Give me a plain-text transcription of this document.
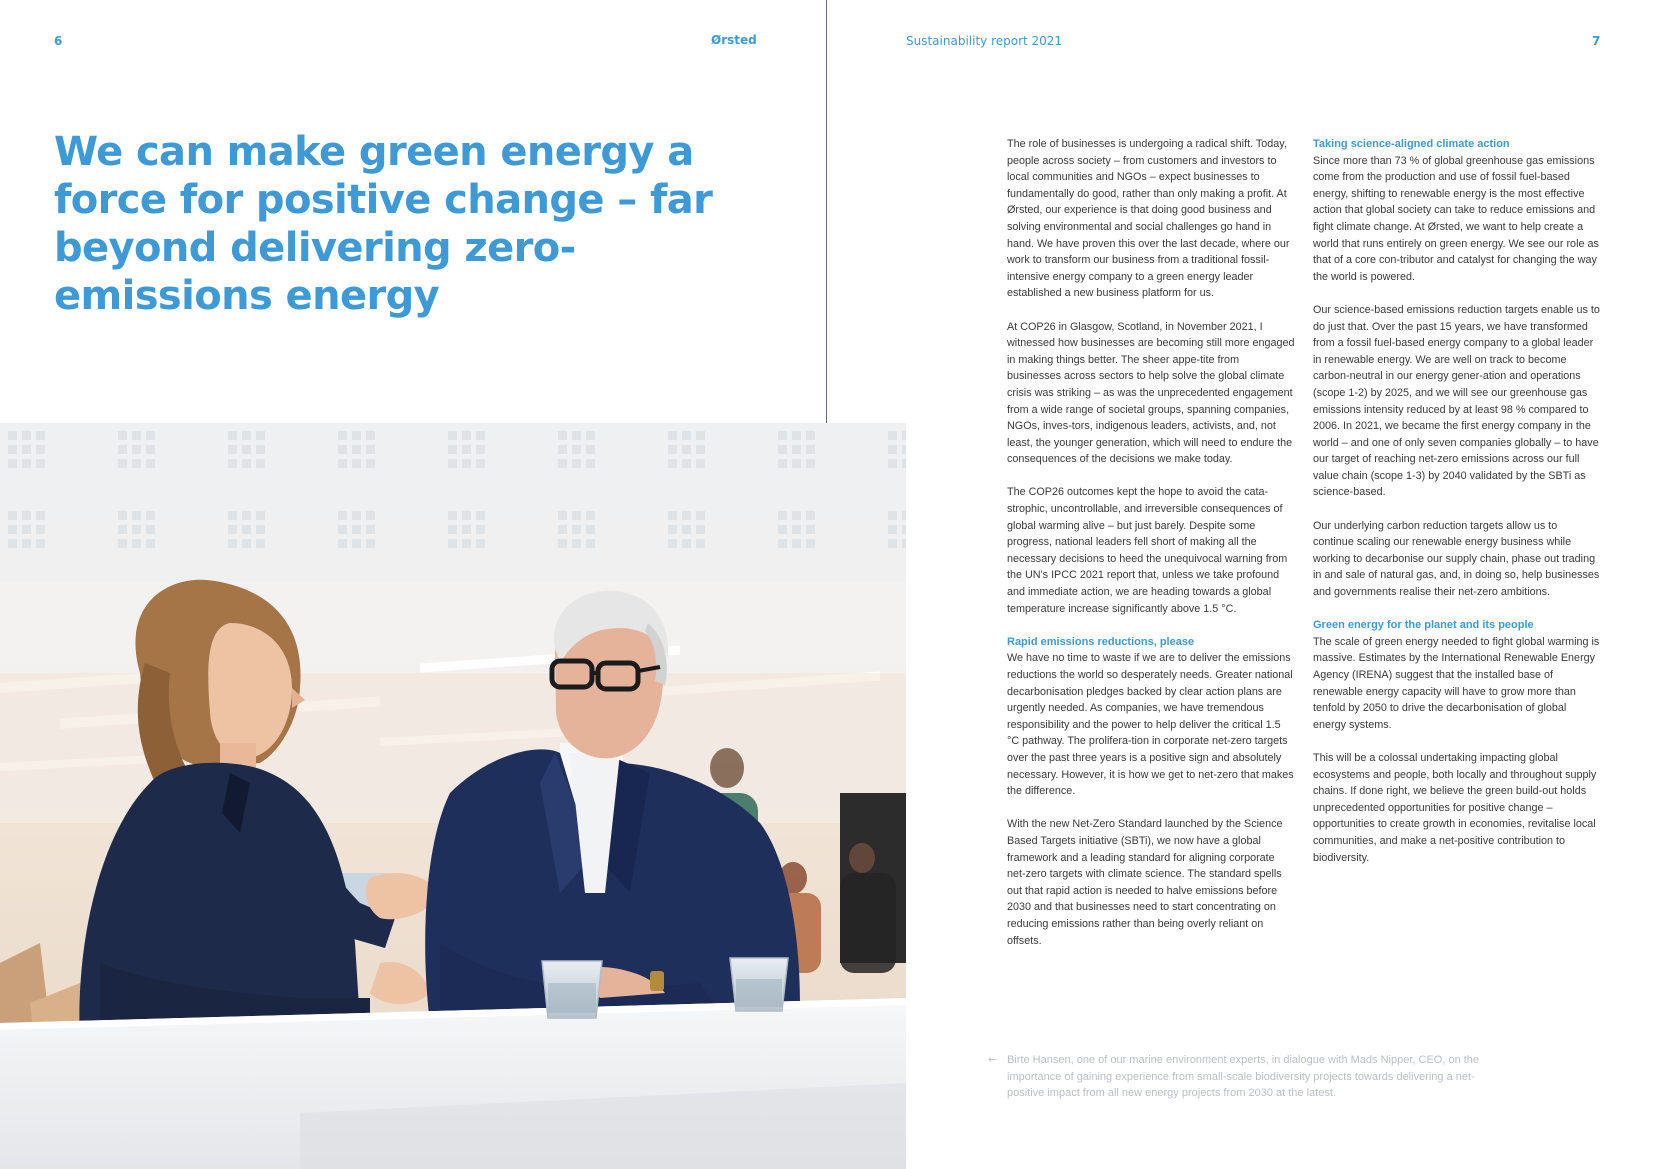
6	Ørsted	Sustainability report 2021	7
We can make green energy a force for positive change – far beyond delivering zero-emissions energy

The role of businesses is undergoing a radical shift. Today, people across society – from customers and investors to local communities and NGOs – expect businesses to fundamentally do good, rather than only making a profit. At Ørsted, our experience is that doing good business and solving environmental and social challenges go hand in hand. We have proven this over the last decade, where our work to transform our business from a traditional fossil-intensive energy company to a green energy leader established a new business platform for us.

At COP26 in Glasgow, Scotland, in November 2021, I witnessed how businesses are becoming still more engaged in making things better. The sheer appe-tite from businesses across sectors to help solve the global climate crisis was striking – as was the unprecedented engagement from a wide range of societal groups, spanning companies, NGOs, inves-tors, indigenous leaders, activists, and, not least, the younger generation, which will need to endure the consequences of the decisions we make today.

The COP26 outcomes kept the hope to avoid the cata-strophic, uncontrollable, and irreversible consequences of global warming alive – but just barely. Despite some progress, national leaders fell short of making all the necessary decisions to heed the unequivocal warning from the UN's IPCC 2021 report that, unless we take profound and immediate action, we are heading towards a global temperature increase significantly above 1.5 °C.

Rapid emissions reductions, please

We have no time to waste if we are to deliver the emissions reductions the world so desperately needs. Greater national decarbonisation pledges backed by clear action plans are urgently needed. As companies, we have tremendous responsibility and the power to help deliver the critical 1.5 °C pathway. The prolifera-tion in corporate net-zero targets over the past three years is a positive sign and absolutely necessary. However, it is how we get to net-zero that makes the difference.

With the new Net-Zero Standard launched by the Science Based Targets initiative (SBTi), we now have a global framework and a leading standard for aligning corporate net-zero targets with climate science. The standard spells out that rapid action is needed to halve emissions before 2030 and that businesses need to start concentrating on reducing emissions rather than being overly reliant on offsets.

Taking science-aligned climate action

Since more than 73 % of global greenhouse gas emissions come from the production and use of fossil fuel-based energy, shifting to renewable energy is the most effective action that global society can take to reduce emissions and fight climate change. At Ørsted, we want to help create a world that runs entirely on green energy. We see our role as that of a core con-tributor and catalyst for changing the way the world is powered.

Our science-based emissions reduction targets enable us to do just that. Over the past 15 years, we have transformed from a fossil fuel-based energy company to a global leader in renewable energy. We are well on track to become carbon-neutral in our energy gener-ation and operations (scope 1-2) by 2025, and we will see our greenhouse gas emissions intensity reduced by at least 98 % compared to 2006. In 2021, we became the first energy company in the world – and one of only seven companies globally – to have our target of reaching net-zero emissions across our full value chain (scope 1-3) by 2040 validated by the SBTi as science-based.

Our underlying carbon reduction targets allow us to continue scaling our renewable energy business while working to decarbonise our supply chain, phase out trading in and sale of natural gas, and, in doing so, help businesses and governments realise their net-zero ambitions.

Green energy for the planet and its people

The scale of green energy needed to fight global warming is massive. Estimates by the International Renewable Energy Agency (IRENA) suggest that the installed base of renewable energy capacity will have to grow more than tenfold by 2050 to drive the decarbonisation of global energy systems.

This will be a colossal undertaking impacting global ecosystems and people, both locally and throughout supply chains. If done right, we believe the green build-out holds unprecedented opportunities for positive change – opportunities to create growth in economies, revitalise local communities, and make a net-positive contribution to biodiversity.

← Birte Hansen, one of our marine environment experts, in dialogue with Mads Nipper, CEO, on the importance of gaining experience from small-scale biodiversity projects towards delivering a net-positive impact from all new energy projects from 2030 at the latest.
